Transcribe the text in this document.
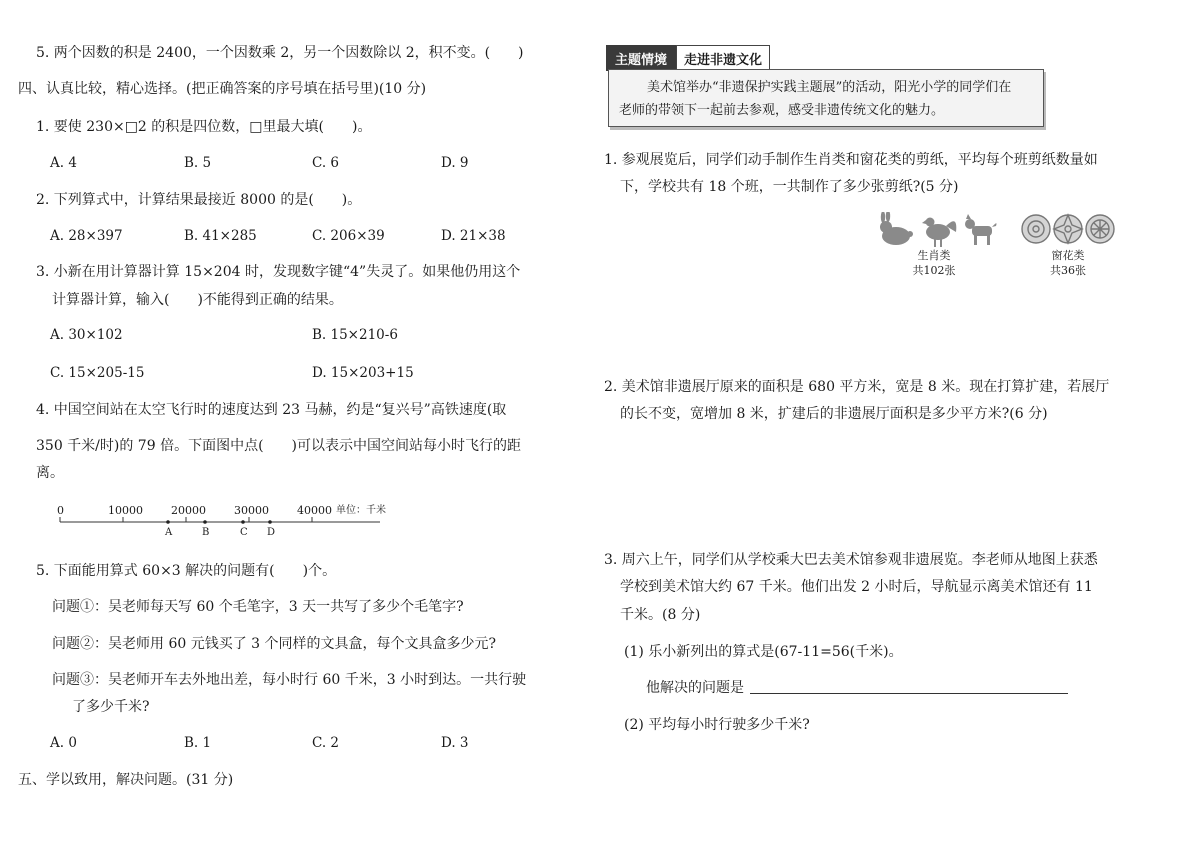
5. 两个因数的积是 2400，一个因数乘 2，另一个因数除以 2，积不变。(　　)
四、认真比较，精心选择。(把正确答案的序号填在括号里)(10 分)
1. 要使 230×□2 的积是四位数，□里最大填(　　)。
A. 4	B. 5	C. 6	D. 9
2. 下列算式中，计算结果最接近 8000 的是(　　)。
A. 28×397	B. 41×285	C. 206×39	D. 21×38
3. 小新在用计算器计算 15×204 时，发现数字键“4”失灵了。如果他仍用这个
计算器计算，输入(　　)不能得到正确的结果。
A. 30×102	B. 15×210-6
C. 15×205-15	D. 15×203+15
4. 中国空间站在太空飞行时的速度达到 23 马赫，约是“复兴号”高铁速度(取
350 千米/时)的 79 倍。下面图中点(　　)可以表示中国空间站每小时飞行的距
离。
0	10000	20000	30000	40000 单位：千米
A	B	C D
5. 下面能用算式 60×3 解决的问题有(　　)个。
问题①：吴老师每天写 60 个毛笔字，3 天一共写了多少个毛笔字?
问题②：吴老师用 60 元钱买了 3 个同样的文具盒，每个文具盒多少元?
问题③：吴老师开车去外地出差，每小时行 60 千米，3 小时到达。一共行驶
了多少千米?
A. 0	B. 1	C. 2	D. 3
五、学以致用，解决问题。(31 分)
主题情境	走进非遗文化
美术馆举办“非遗保护实践主题展”的活动，阳光小学的同学们在
老师的带领下一起前去参观，感受非遗传统文化的魅力。
1. 参观展览后，同学们动手制作生肖类和窗花类的剪纸，平均每个班剪纸数量如
下，学校共有 18 个班，一共制作了多少张剪纸?(5 分)
生肖类
共102张
窗花类
共36张
2. 美术馆非遗展厅原来的面积是 680 平方米，宽是 8 米。现在打算扩建，若展厅
的长不变，宽增加 8 米，扩建后的非遗展厅面积是多少平方米?(6 分)
3. 周六上午，同学们从学校乘大巴去美术馆参观非遗展览。李老师从地图上获悉
学校到美术馆大约 67 千米。他们出发 2 小时后，导航显示离美术馆还有 11
千米。(8 分)
(1) 乐小新列出的算式是(67-11=56(千米)。
他解决的问题是
(2) 平均每小时行驶多少千米?
